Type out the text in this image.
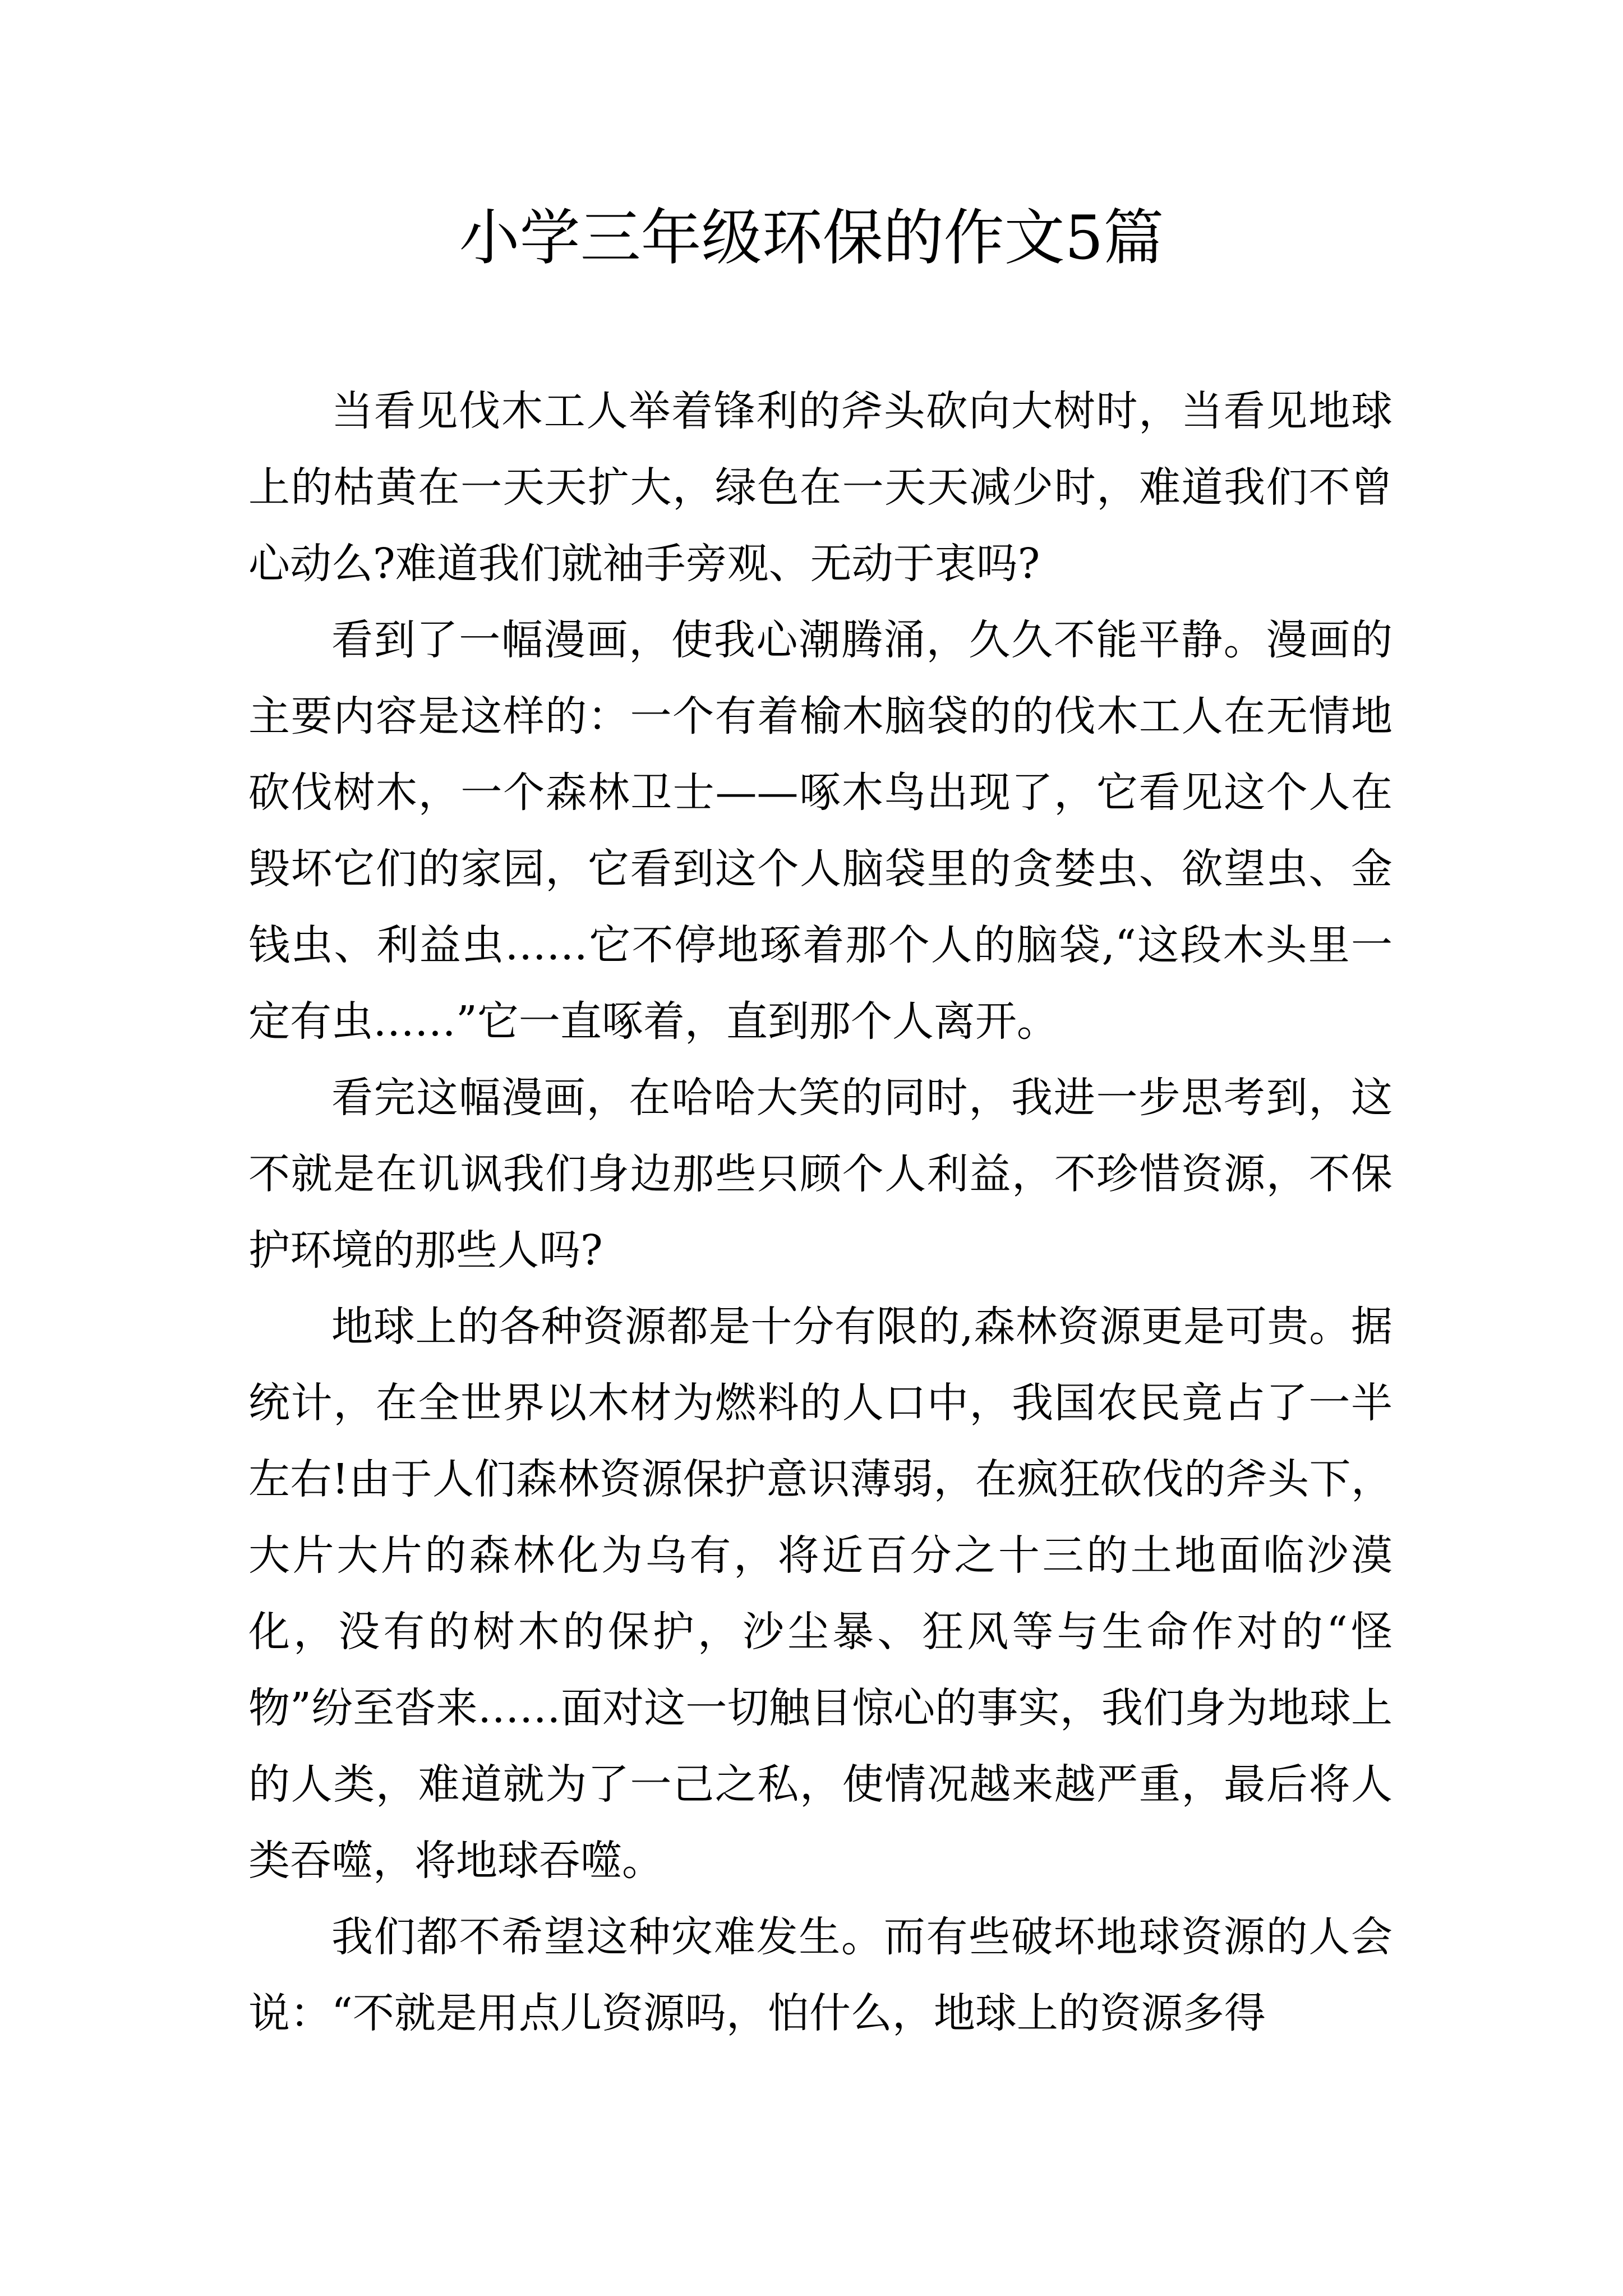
小学三年级环保的作文5篇

当看见伐木工人举着锋利的斧头砍向大树时，当看见地球上的枯黄在一天天扩大，绿色在一天天减少时，难道我们不曾心动么?难道我们就袖手旁观、无动于衷吗?

看到了一幅漫画，使我心潮腾涌，久久不能平静。漫画的主要内容是这样的：一个有着榆木脑袋的的伐木工人在无情地砍伐树木，一个森林卫士——啄木鸟出现了，它看见这个人在毁坏它们的家园，它看到这个人脑袋里的贪婪虫、欲望虫、金钱虫、利益虫……它不停地琢着那个人的脑袋,“这段木头里一定有虫……”它一直啄着，直到那个人离开。

看完这幅漫画，在哈哈大笑的同时，我进一步思考到，这不就是在讥讽我们身边那些只顾个人利益，不珍惜资源，不保护环境的那些人吗?

地球上的各种资源都是十分有限的,森林资源更是可贵。据统计，在全世界以木材为燃料的人口中，我国农民竟占了一半左右!由于人们森林资源保护意识薄弱，在疯狂砍伐的斧头下，大片大片的森林化为乌有，将近百分之十三的土地面临沙漠化，没有的树木的保护，沙尘暴、狂风等与生命作对的“怪物”纷至沓来……面对这一切触目惊心的事实，我们身为地球上的人类，难道就为了一己之私，使情况越来越严重，最后将人类吞噬，将地球吞噬。

我们都不希望这种灾难发生。而有些破坏地球资源的人会说：“不就是用点儿资源吗，怕什么，地球上的资源多得
